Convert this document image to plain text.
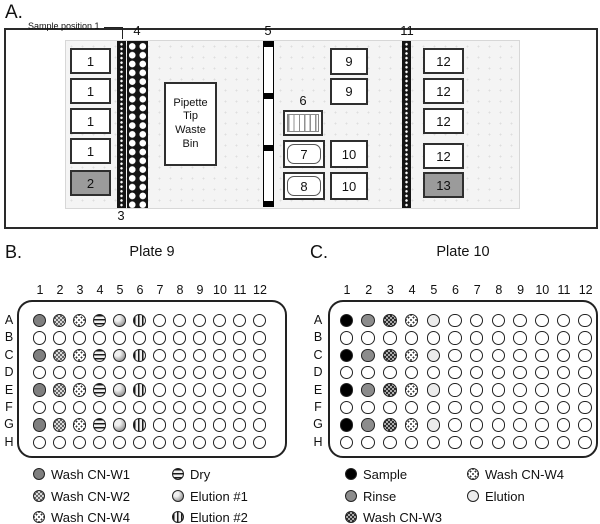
A.
Sample position 1	4
3
Pipette
Tip
Waste
Bin
5
6
7
8
9
9
10
10
11
B.	Plate 9	C.	Plate 10
1
1
1
1
2
12
12
12
12
13
1	2	3	4	5	6	7	8	9 10 11 12
A
B
C
D
E
F
G
H
Wash CN-W1
Wash CN-W2
Wash CN-W4
Dry
Elution #1
Elution #2
1	2	3	4	5	6	7	8	9 10 11 12
A
B
C
D
E
F
G
H
Sample
Rinse
Wash CN-W3
Wash CN-W4
Elution
